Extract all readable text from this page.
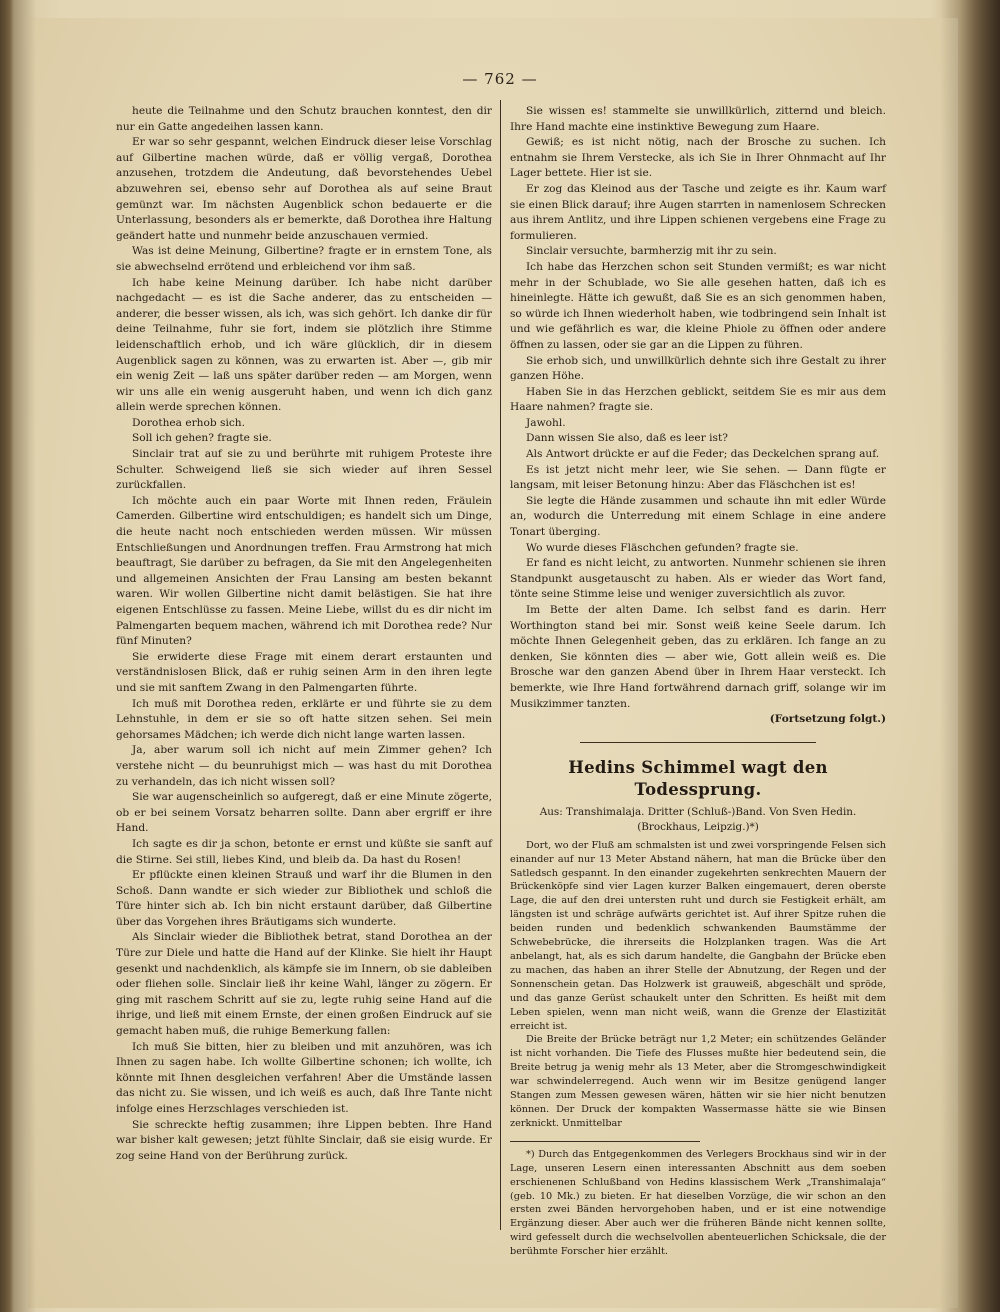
— 762 —

heute die Teilnahme und den Schutz brauchen konntest, den dir nur ein Gatte angedeihen lassen kann.

Er war so sehr gespannt, welchen Eindruck dieser leise Vorschlag auf Gilbertine machen würde, daß er völlig vergaß, Dorothea anzusehen, trotzdem die Andeutung, daß bevorstehendes Uebel abzuwehren sei, ebenso sehr auf Dorothea als auf seine Braut gemünzt war. Im nächsten Augenblick schon bedauerte er die Unterlassung, besonders als er bemerkte, daß Dorothea ihre Haltung geändert hatte und nunmehr beide anzuschauen vermied.

Was ist deine Meinung, Gilbertine? fragte er in ernstem Tone, als sie abwechselnd errötend und erbleichend vor ihm saß.

Ich habe keine Meinung darüber. Ich habe nicht darüber nachgedacht — es ist die Sache anderer, das zu entscheiden — anderer, die besser wissen, als ich, was sich gehört. Ich danke dir für deine Teilnahme, fuhr sie fort, indem sie plötzlich ihre Stimme leidenschaftlich erhob, und ich wäre glücklich, dir in diesem Augenblick sagen zu können, was zu erwarten ist. Aber —, gib mir ein wenig Zeit — laß uns später darüber reden — am Morgen, wenn wir uns alle ein wenig ausgeruht haben, und wenn ich dich ganz allein werde sprechen können.

Dorothea erhob sich.

Soll ich gehen? fragte sie.

Sinclair trat auf sie zu und berührte mit ruhigem Proteste ihre Schulter. Schweigend ließ sie sich wieder auf ihren Sessel zurückfallen.

Ich möchte auch ein paar Worte mit Ihnen reden, Fräulein Camerden. Gilbertine wird entschuldigen; es handelt sich um Dinge, die heute nacht noch entschieden werden müssen. Wir müssen Entschließungen und Anordnungen treffen. Frau Armstrong hat mich beauftragt, Sie darüber zu befragen, da Sie mit den Angelegenheiten und allgemeinen Ansichten der Frau Lansing am besten bekannt waren. Wir wollen Gilbertine nicht damit belästigen. Sie hat ihre eigenen Entschlüsse zu fassen. Meine Liebe, willst du es dir nicht im Palmengarten bequem machen, während ich mit Dorothea rede? Nur fünf Minuten?

Sie erwiderte diese Frage mit einem derart erstaunten und verständnislosen Blick, daß er ruhig seinen Arm in den ihren legte und sie mit sanftem Zwang in den Palmengarten führte.

Ich muß mit Dorothea reden, erklärte er und führte sie zu dem Lehnstuhle, in dem er sie so oft hatte sitzen sehen. Sei mein gehorsames Mädchen; ich werde dich nicht lange warten lassen.

Ja, aber warum soll ich nicht auf mein Zimmer gehen? Ich verstehe nicht — du beunruhigst mich — was hast du mit Dorothea zu verhandeln, das ich nicht wissen soll?

Sie war augenscheinlich so aufgeregt, daß er eine Minute zögerte, ob er bei seinem Vorsatz beharren sollte. Dann aber ergriff er ihre Hand.

Ich sagte es dir ja schon, betonte er ernst und küßte sie sanft auf die Stirne. Sei still, liebes Kind, und bleib da. Da hast du Rosen!

Er pflückte einen kleinen Strauß und warf ihr die Blumen in den Schoß. Dann wandte er sich wieder zur Bibliothek und schloß die Türe hinter sich ab. Ich bin nicht erstaunt darüber, daß Gilbertine über das Vorgehen ihres Bräutigams sich wunderte.

Als Sinclair wieder die Bibliothek betrat, stand Dorothea an der Türe zur Diele und hatte die Hand auf der Klinke. Sie hielt ihr Haupt gesenkt und nachdenklich, als kämpfe sie im Innern, ob sie dableiben oder fliehen solle. Sinclair ließ ihr keine Wahl, länger zu zögern. Er ging mit raschem Schritt auf sie zu, legte ruhig seine Hand auf die ihrige, und ließ mit einem Ernste, der einen großen Eindruck auf sie gemacht haben muß, die ruhige Bemerkung fallen:

Ich muß Sie bitten, hier zu bleiben und mit anzuhören, was ich Ihnen zu sagen habe. Ich wollte Gilbertine schonen; ich wollte, ich könnte mit Ihnen desgleichen verfahren! Aber die Umstände lassen das nicht zu. Sie wissen, und ich weiß es auch, daß Ihre Tante nicht infolge eines Herzschlages verschieden ist.

Sie schreckte heftig zusammen; ihre Lippen bebten. Ihre Hand war bisher kalt gewesen; jetzt fühlte Sinclair, daß sie eisig wurde. Er zog seine Hand von der Berührung zurück.

Sie wissen es! stammelte sie unwillkürlich, zitternd und bleich. Ihre Hand machte eine instinktive Bewegung zum Haare.

Gewiß; es ist nicht nötig, nach der Brosche zu suchen. Ich entnahm sie Ihrem Verstecke, als ich Sie in Ihrer Ohnmacht auf Ihr Lager bettete. Hier ist sie.

Er zog das Kleinod aus der Tasche und zeigte es ihr. Kaum warf sie einen Blick darauf; ihre Augen starrten in namenlosem Schrecken aus ihrem Antlitz, und ihre Lippen schienen vergebens eine Frage zu formulieren.

Sinclair versuchte, barmherzig mit ihr zu sein.

Ich habe das Herzchen schon seit Stunden vermißt; es war nicht mehr in der Schublade, wo Sie alle gesehen hatten, daß ich es hineinlegte. Hätte ich gewußt, daß Sie es an sich genommen haben, so würde ich Ihnen wiederholt haben, wie todbringend sein Inhalt ist und wie gefährlich es war, die kleine Phiole zu öffnen oder andere öffnen zu lassen, oder sie gar an die Lippen zu führen.

Sie erhob sich, und unwillkürlich dehnte sich ihre Gestalt zu ihrer ganzen Höhe.

Haben Sie in das Herzchen geblickt, seitdem Sie es mir aus dem Haare nahmen? fragte sie.

Jawohl.

Dann wissen Sie also, daß es leer ist?

Als Antwort drückte er auf die Feder; das Deckelchen sprang auf.

Es ist jetzt nicht mehr leer, wie Sie sehen. — Dann fügte er langsam, mit leiser Betonung hinzu: Aber das Fläschchen ist es!

Sie legte die Hände zusammen und schaute ihn mit edler Würde an, wodurch die Unterredung mit einem Schlage in eine andere Tonart überging.

Wo wurde dieses Fläschchen gefunden? fragte sie.

Er fand es nicht leicht, zu antworten. Nunmehr schienen sie ihren Standpunkt ausgetauscht zu haben. Als er wieder das Wort fand, tönte seine Stimme leise und weniger zuversichtlich als zuvor.

Im Bette der alten Dame. Ich selbst fand es darin. Herr Worthington stand bei mir. Sonst weiß keine Seele darum. Ich möchte Ihnen Gelegenheit geben, das zu erklären. Ich fange an zu denken, Sie könnten dies — aber wie, Gott allein weiß es. Die Brosche war den ganzen Abend über in Ihrem Haar versteckt. Ich bemerkte, wie Ihre Hand fortwährend darnach griff, solange wir im Musikzimmer tanzten.

(Fortsetzung folgt.)

Hedins Schimmel wagt den Todessprung.
Aus: Transhimalaja. Dritter (Schluß-)Band. Von Sven Hedin.
(Brockhaus, Leipzig.)*)

Dort, wo der Fluß am schmalsten ist und zwei vorspringende Felsen sich einander auf nur 13 Meter Abstand nähern, hat man die Brücke über den Satledsch gespannt. In den einander zugekehrten senkrechten Mauern der Brückenköpfe sind vier Lagen kurzer Balken eingemauert, deren oberste Lage, die auf den drei untersten ruht und durch sie Festigkeit erhält, am längsten ist und schräge aufwärts gerichtet ist. Auf ihrer Spitze ruhen die beiden runden und bedenklich schwankenden Baumstämme der Schwebebrücke, die ihrerseits die Holzplanken tragen. Was die Art anbelangt, hat, als es sich darum handelte, die Gangbahn der Brücke eben zu machen, das haben an ihrer Stelle der Abnutzung, der Regen und der Sonnenschein getan. Das Holzwerk ist grauweiß, abgeschält und spröde, und das ganze Gerüst schaukelt unter den Schritten. Es heißt mit dem Leben spielen, wenn man nicht weiß, wann die Grenze der Elastizität erreicht ist.

Die Breite der Brücke beträgt nur 1,2 Meter; ein schützendes Geländer ist nicht vorhanden. Die Tiefe des Flusses mußte hier bedeutend sein, die Breite betrug ja wenig mehr als 13 Meter, aber die Stromgeschwindigkeit war schwindelerregend. Auch wenn wir im Besitze genügend langer Stangen zum Messen gewesen wären, hätten wir sie hier nicht benutzen können. Der Druck der kompakten Wassermasse hätte sie wie Binsen zerknickt. Unmittelbar

*) Durch das Entgegenkommen des Verlegers Brockhaus sind wir in der Lage, unseren Lesern einen interessanten Abschnitt aus dem soeben erschienenen Schlußband von Hedins klassischem Werk „Transhimalaja“ (geb. 10 Mk.) zu bieten. Er hat dieselben Vorzüge, die wir schon an den ersten zwei Bänden hervorgehoben haben, und er ist eine notwendige Ergänzung dieser. Aber auch wer die früheren Bände nicht kennen sollte, wird gefesselt durch die wechselvollen abenteuerlichen Schicksale, die der berühmte Forscher hier erzählt.
